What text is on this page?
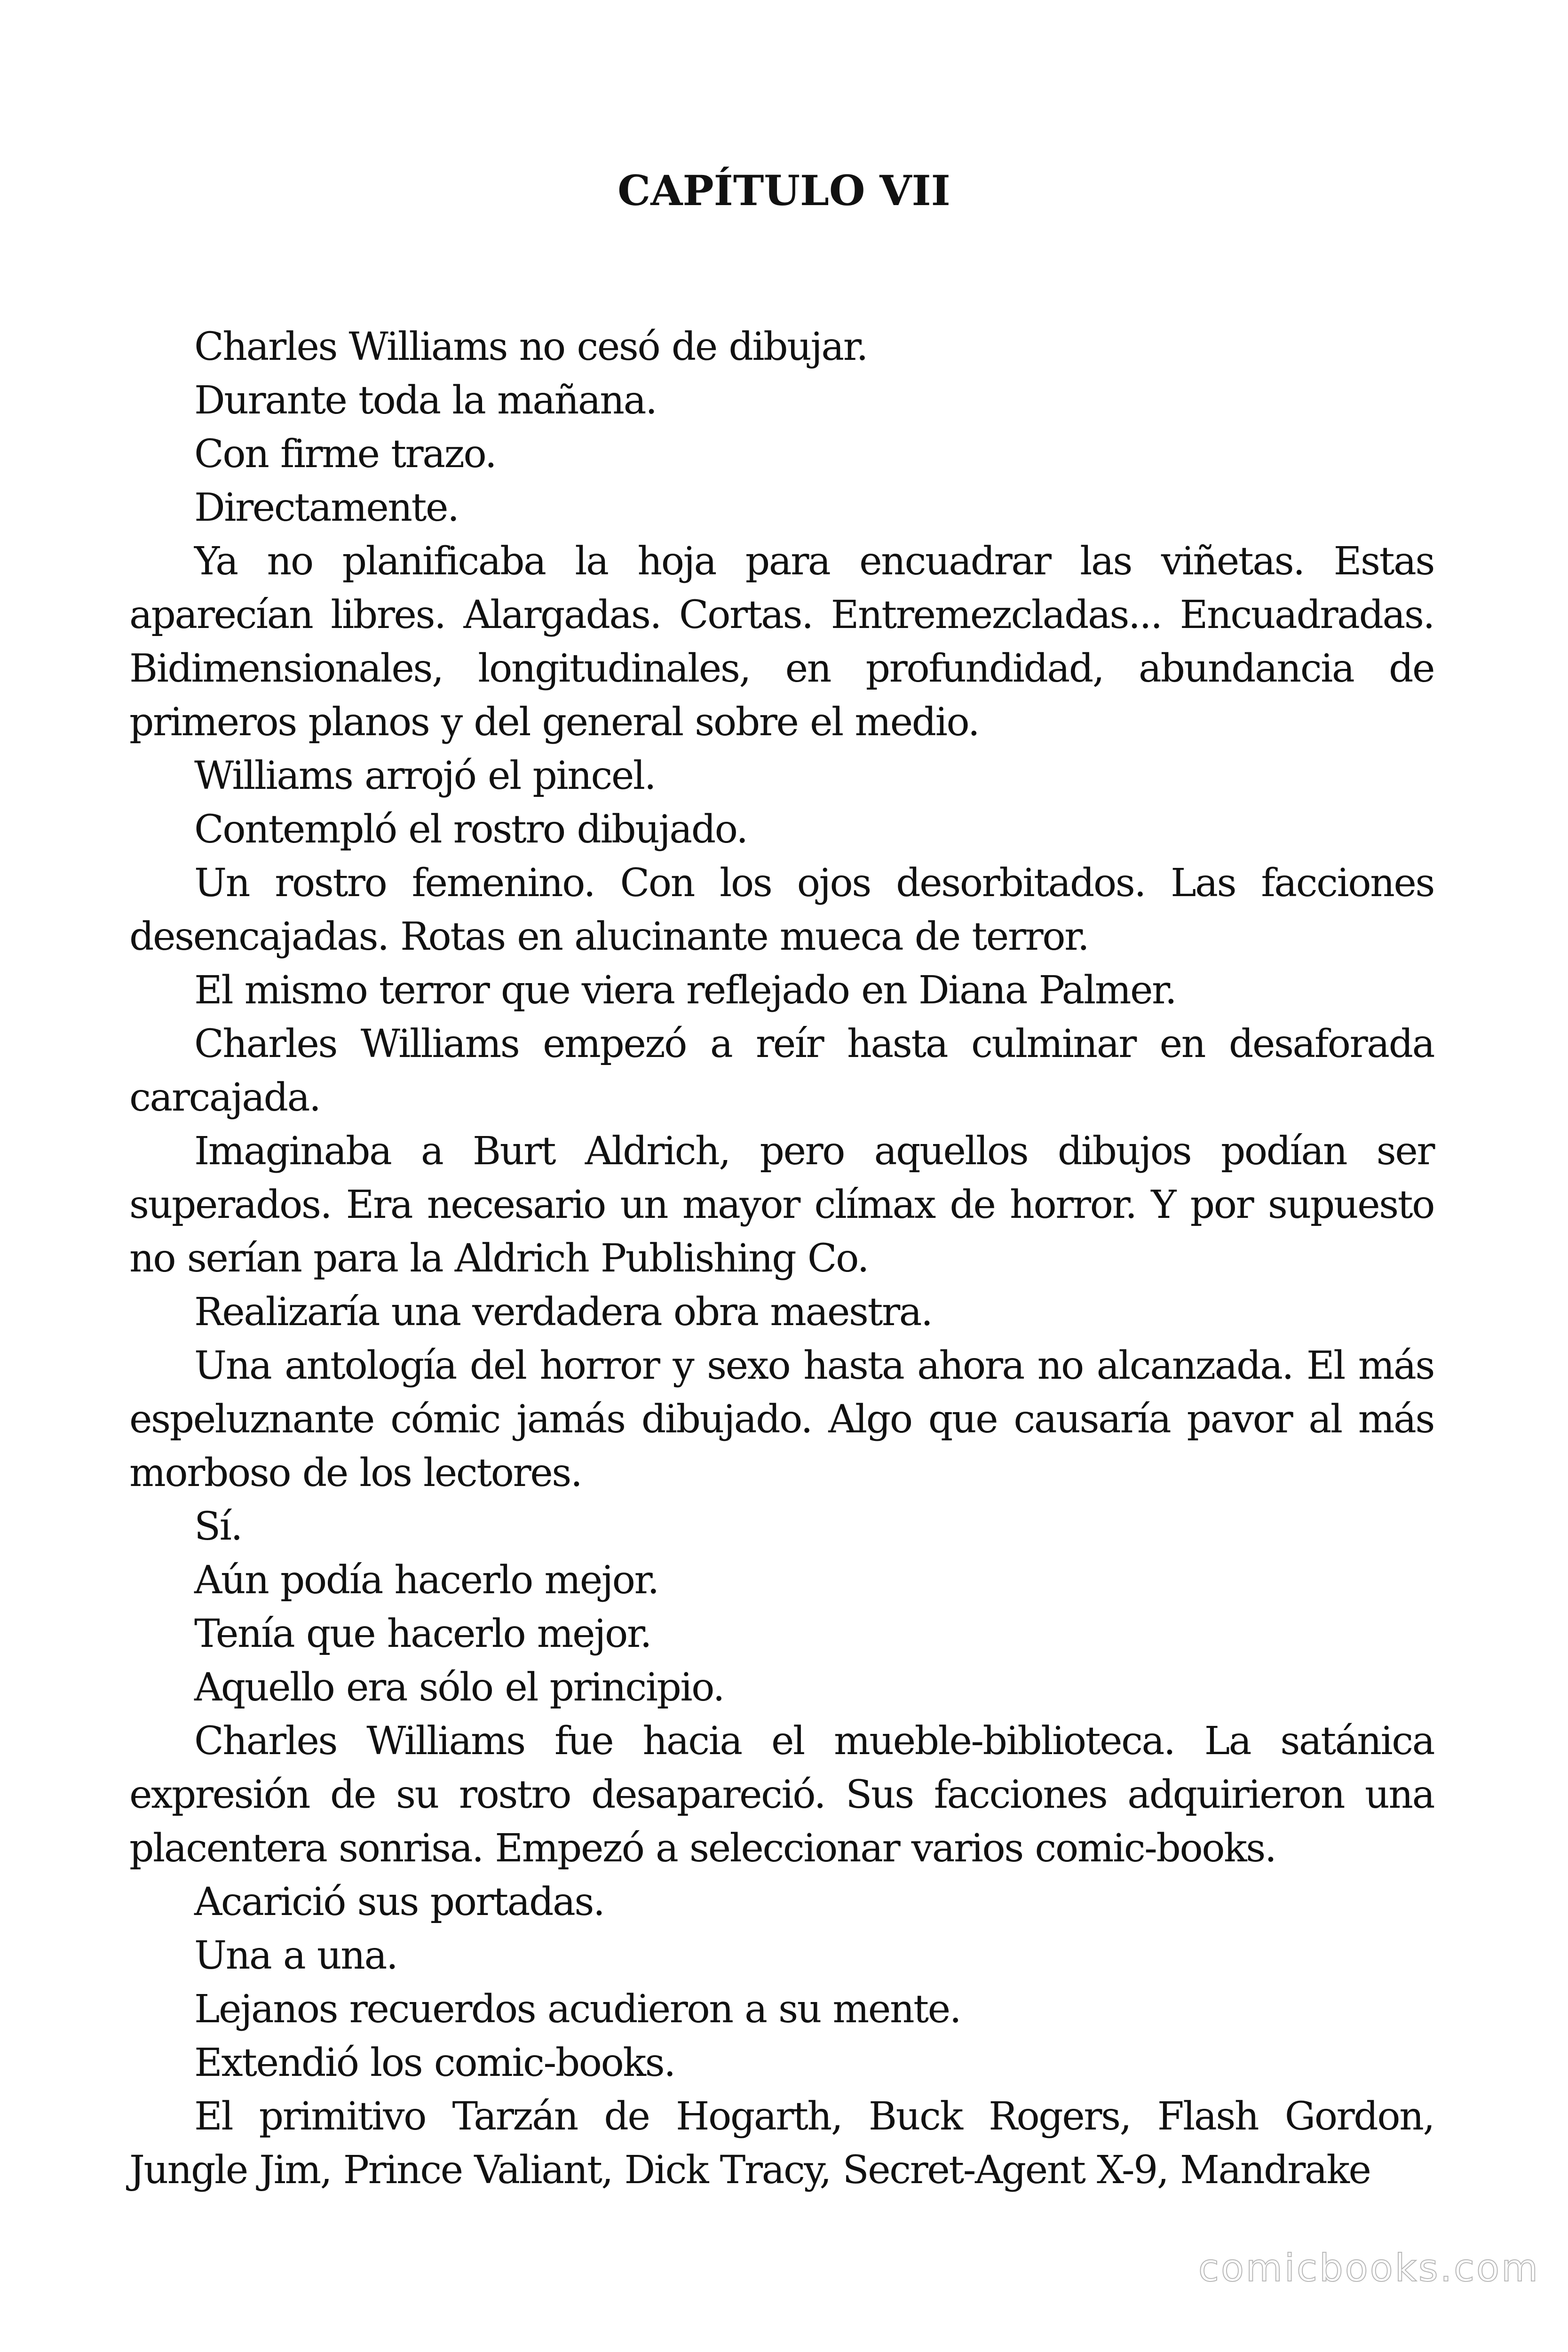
CAPÍTULO VII

Charles Williams no cesó de dibujar.

Durante toda la mañana.

Con firme trazo.

Directamente.

Ya no planificaba la hoja para encuadrar las viñetas. Estas aparecían libres. Alargadas. Cortas. Entremezcladas... Encuadradas. Bidimensionales, longitudinales, en profundidad, abundancia de primeros planos y del general sobre el medio.

Williams arrojó el pincel.

Contempló el rostro dibujado.

Un rostro femenino. Con los ojos desorbitados. Las facciones desencajadas. Rotas en alucinante mueca de terror.

El mismo terror que viera reflejado en Diana Palmer.

Charles Williams empezó a reír hasta culminar en desaforada carcajada.

Imaginaba a Burt Aldrich, pero aquellos dibujos podían ser superados. Era necesario un mayor clímax de horror. Y por supuesto no serían para la Aldrich Publishing Co.

Realizaría una verdadera obra maestra.

Una antología del horror y sexo hasta ahora no alcanzada. El más espeluznante cómic jamás dibujado. Algo que causaría pavor al más morboso de los lectores.

Sí.

Aún podía hacerlo mejor.

Tenía que hacerlo mejor.

Aquello era sólo el principio.

Charles Williams fue hacia el mueble-biblioteca. La satánica expresión de su rostro desapareció. Sus facciones adquirieron una placentera sonrisa. Empezó a seleccionar varios comic-books.

Acarició sus portadas.

Una a una.

Lejanos recuerdos acudieron a su mente.

Extendió los comic-books.

El primitivo Tarzán de Hogarth, Buck Rogers, Flash Gordon, Jungle Jim, Prince Valiant, Dick Tracy, Secret-Agent X-9, Mandrake

comicbooks.com
